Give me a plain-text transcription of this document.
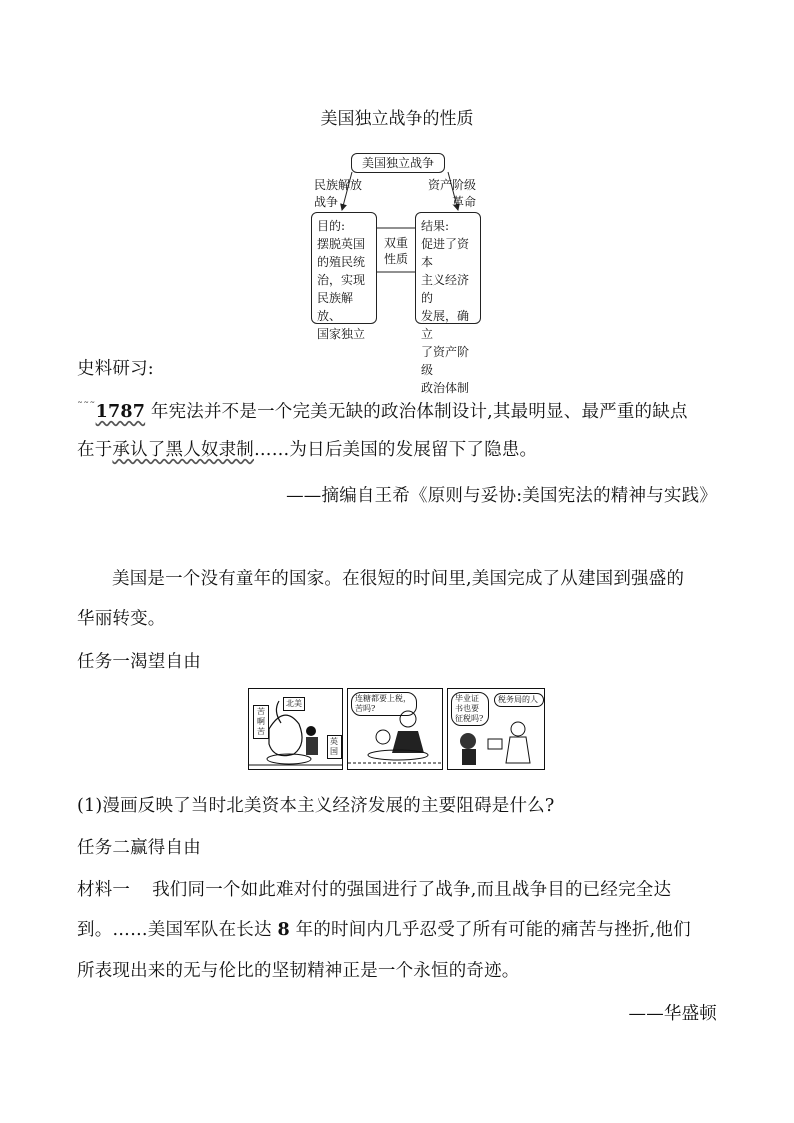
美国独立战争的性质
美国独立战争
民族解放
战争
资产阶级
革命
双重
性质
目的:
摆脱英国
的殖民统
治，实现
民族解放、
国家独立
结果:
促进了资本
主义经济的
发展，确立
了资产阶级
政治体制
史料研习:
˜˜˜1787 年宪法并不是一个完美无缺的政治体制设计,其最明显、最严重的缺点
在于承认了黑人奴隶制……为日后美国的发展留下了隐患。
——摘编自王希《原则与妥协:美国宪法的精神与实践》
美国是一个没有童年的国家。在很短的时间里,美国完成了从建国到强盛的
华丽转变。
任务一渴望自由
苦 啊 苦
北美
英国
连糖都要上税，苦吗?
毕业证书也要征税吗?
税务局的人
(1)漫画反映了当时北美资本主义经济发展的主要阻碍是什么?
任务二赢得自由
材料一 我们同一个如此难对付的强国进行了战争,而且战争目的已经完全达
到。……美国军队在长达 8 年的时间内几乎忍受了所有可能的痛苦与挫折,他们
所表现出来的无与伦比的坚韧精神正是一个永恒的奇迹。
——华盛顿
